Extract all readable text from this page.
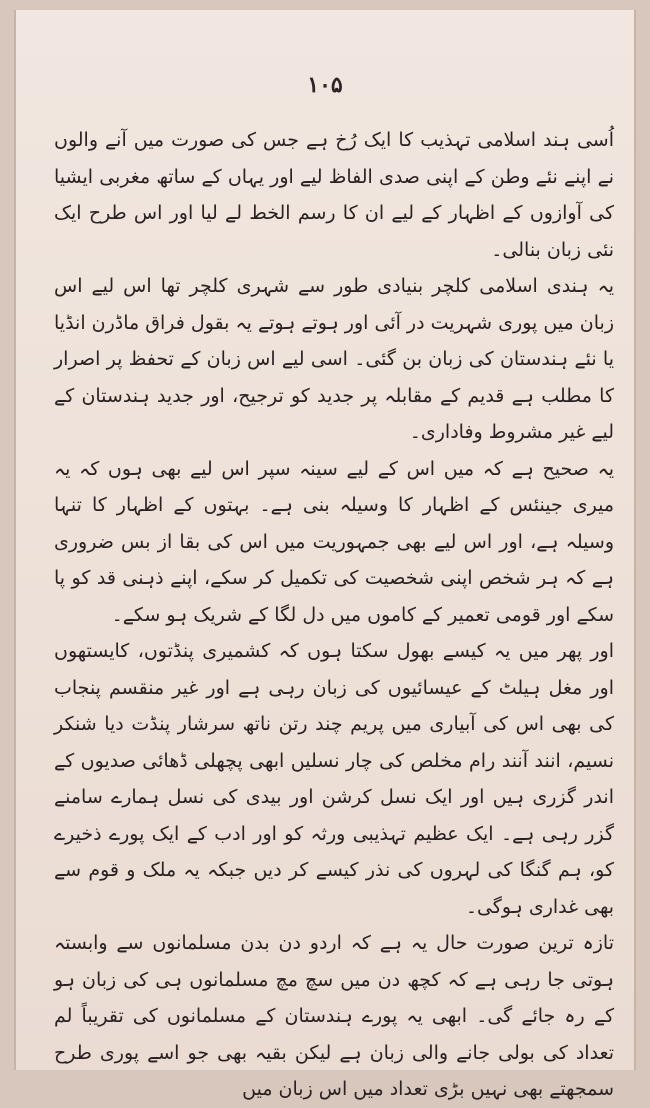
۱۰۵

اُسی ہند اسلامی تہذیب کا ایک رُخ ہے جس کی صورت میں آنے والوں نے اپنے نئے وطن کے اپنی صدی الفاظ لیے اور یہاں کے ساتھ مغربی ایشیا کی آوازوں کے اظہار کے لیے ان کا رسم الخط لے لیا اور اس طرح ایک نئی زبان بنالی۔

یہ ہندی اسلامی کلچر بنیادی طور سے شہری کلچر تھا اس لیے اس زبان میں پوری شہریت در آئی اور ہوتے ہوتے یہ بقول فراق ماڈرن انڈیا یا نئے ہندستان کی زبان بن گئی۔ اسی لیے اس زبان کے تحفظ پر اصرار کا مطلب ہے قدیم کے مقابلہ پر جدید کو ترجیح، اور جدید ہندستان کے لیے غیر مشروط وفاداری۔

یہ صحیح ہے کہ میں اس کے لیے سینہ سپر اس لیے بھی ہوں کہ یہ میری جینئس کے اظہار کا وسیلہ بنی ہے۔ بہتوں کے اظہار کا تنہا وسیلہ ہے، اور اس لیے بھی جمہوریت میں اس کی بقا از بس ضروری ہے کہ ہر شخص اپنی شخصیت کی تکمیل کر سکے، اپنے ذہنی قد کو پا سکے اور قومی تعمیر کے کاموں میں دل لگا کے شریک ہو سکے۔

اور پھر میں یہ کیسے بھول سکتا ہوں کہ کشمیری پنڈتوں، کایستھوں اور مغل ہیلٹ کے عیسائیوں کی زبان رہی ہے اور غیر منقسم پنجاب کی بھی اس کی آبیاری میں پریم چند رتن ناتھ سرشار پنڈت دیا شنکر نسیم، انند آنند رام مخلص کی چار نسلیں ابھی پچھلی ڈھائی صدیوں کے اندر گزری ہیں اور ایک نسل کرشن اور بیدی کی نسل ہمارے سامنے گزر رہی ہے۔ ایک عظیم تہذیبی ورثہ کو اور ادب کے ایک پورے ذخیرے کو، ہم گنگا کی لہروں کی نذر کیسے کر دیں جبکہ یہ ملک و قوم سے بھی غداری ہوگی۔

تازہ ترین صورت حال یہ ہے کہ اردو دن بدن مسلمانوں سے وابستہ ہوتی جا رہی ہے کہ کچھ دن میں سچ مچ مسلمانوں ہی کی زبان ہو کے رہ جائے گی۔ ابھی یہ پورے ہندستان کے مسلمانوں کی تقریباً لم تعداد کی بولی جانے والی زبان ہے لیکن بقیہ بھی جو اسے پوری طرح سمجھتے بھی نہیں بڑی تعداد میں اس زبان میں
